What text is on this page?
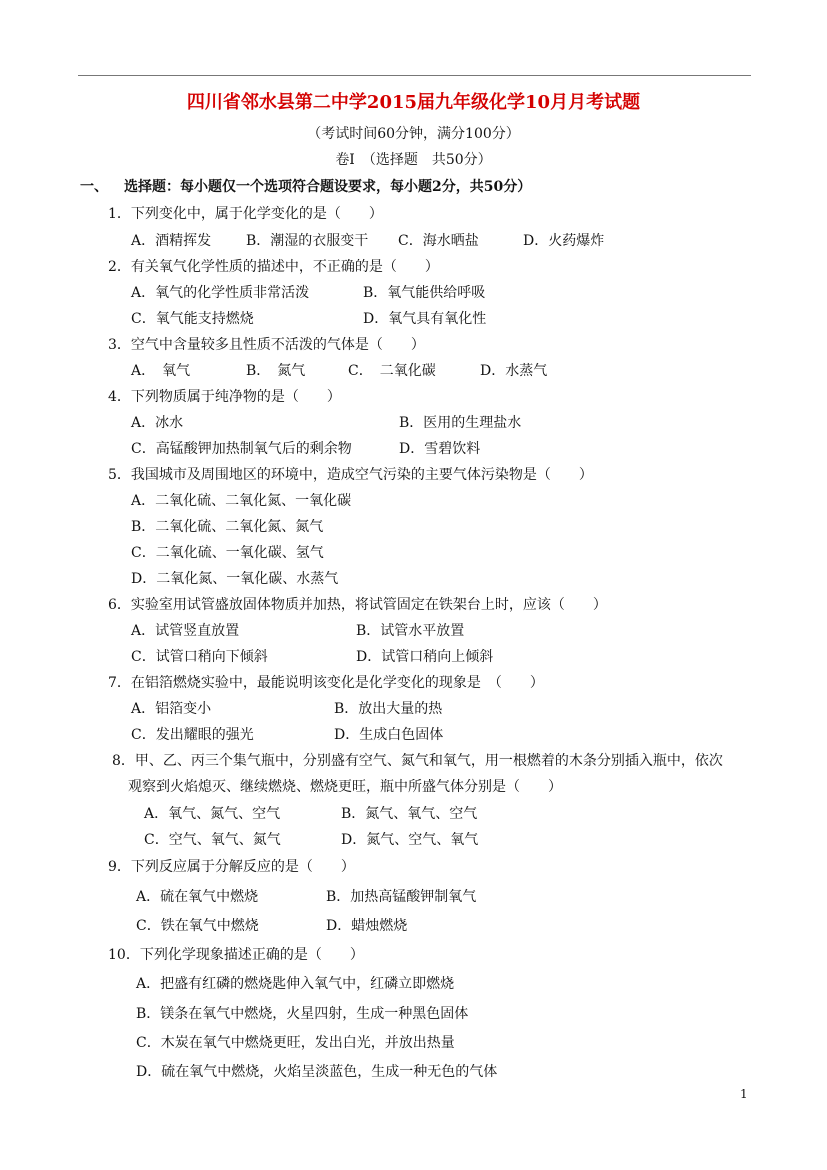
四川省邻水县第二中学2015届九年级化学10月月考试题
（考试时间60分钟，满分100分）
卷I　（选择题　共50分）
一、 选择题：每小题仅一个选项符合题设要求，每小题2分，共50分）
1．下列变化中，属于化学变化的是（　　）
A．酒精挥发 B．潮湿的衣服变干 C．海水晒盐	D．火药爆炸
2．有关氧气化学性质的描述中，不正确的是（　　）
A．氧气的化学性质非常活泼	B．氧气能供给呼吸
C．氧气能支持燃烧	D．氧气具有氧化性
3．空气中含量较多且性质不活泼的气体是（　　）
A．　氧气	B．　氮气	C．　二氧化碳	D．水蒸气
4．下列物质属于纯净物的是（　　）
A．冰水	B．医用的生理盐水
C．高锰酸钾加热制氧气后的剩余物	D．雪碧饮料
5．我国城市及周围地区的环境中，造成空气污染的主要气体污染物是（　　）
A．二氧化硫、二氧化氮、一氧化碳
B．二氧化硫、二氧化氮、氮气
C．二氧化硫、一氧化碳、氢气
D．二氧化氮、一氧化碳、水蒸气
6．实验室用试管盛放固体物质并加热，将试管固定在铁架台上时，应该（　　）
A．试管竖直放置	B．试管水平放置
C．试管口稍向下倾斜	D．试管口稍向上倾斜
7．在铝箔燃烧实验中，最能说明该变化是化学变化的现象是　（　　）
A．铝箔变小	B．放出大量的热
C．发出耀眼的强光	D．生成白色固体
8．甲、乙、丙三个集气瓶中，分别盛有空气、氮气和氧气，用一根燃着的木条分别插入瓶中，依次
观察到火焰熄灭、继续燃烧、燃烧更旺，瓶中所盛气体分别是（　　）
A．氧气、氮气、空气	B．氮气、氧气、空气
C．空气、氧气、氮气	D．氮气、空气、氧气
9．下列反应属于分解反应的是（　　）
A．硫在氧气中燃烧	B．加热高锰酸钾制氧气
C．铁在氧气中燃烧	D．蜡烛燃烧
10．下列化学现象描述正确的是（　　）
A．把盛有红磷的燃烧匙伸入氧气中，红磷立即燃烧
B．镁条在氧气中燃烧，火星四射，生成一种黑色固体
C．木炭在氧气中燃烧更旺，发出白光，并放出热量
D．硫在氧气中燃烧，火焰呈淡蓝色，生成一种无色的气体
1
